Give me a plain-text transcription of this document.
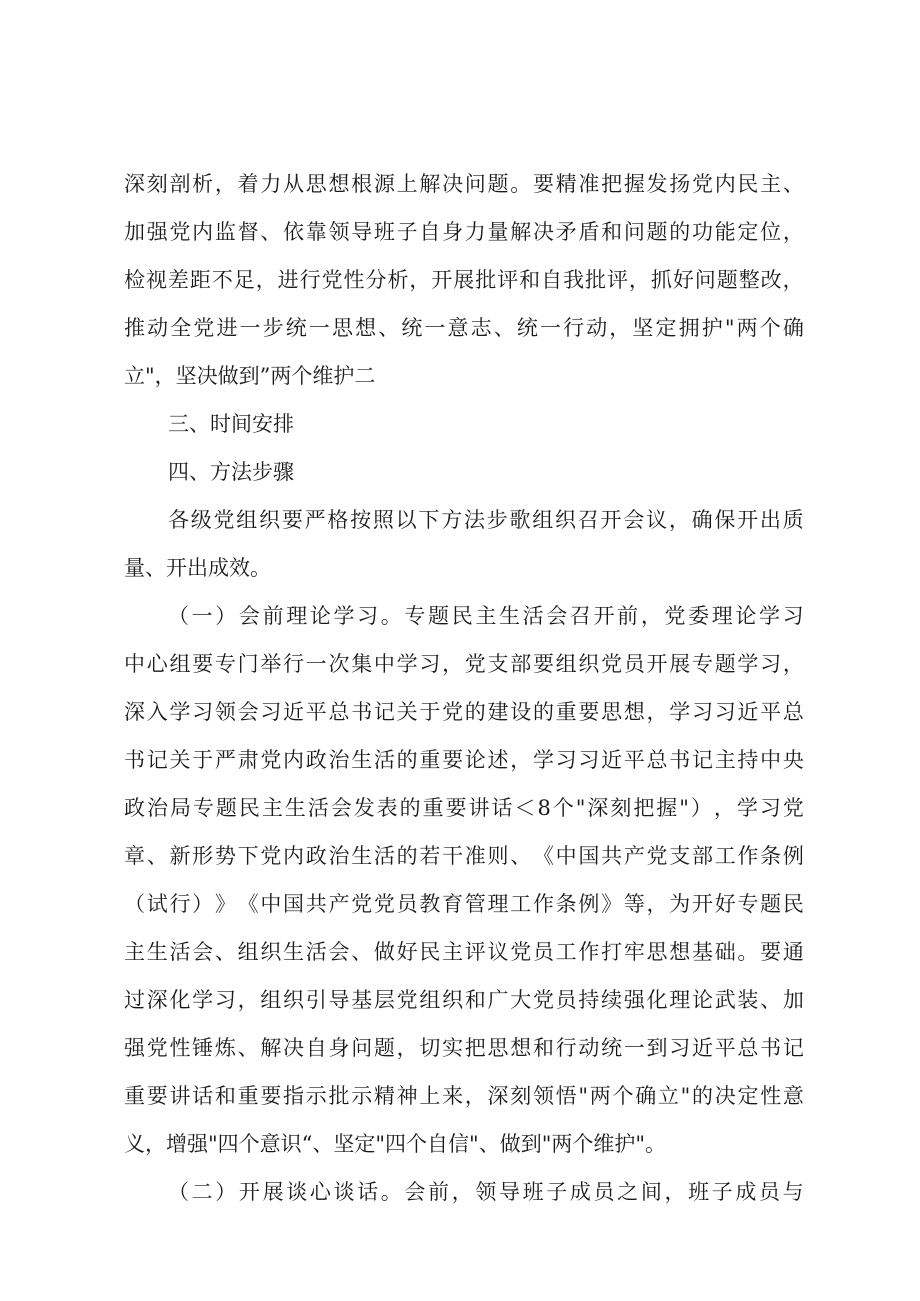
深 刻 剖 析 ， 着 力 从 思 想 根 源 上 解 决 问 题 。 要 精 准 把 握 发 扬 党 内 民 主 、
加 强 党 内 监 督 、 依 靠 领 导 班 子 自 身 力 量 解 决 矛 盾 和 问 题 的 功 能 定 位 ，
检 视 差 距 不 足 ， 进 行 党 性 分 析 ， 开 展 批 评 和 自 我 批 评 ， 抓 好 问 题 整 改 ，
推 动 全 党 进 一 步 统 一 思 想 、 统 一 意 志 、 统 一 行 动 ， 坚 定 拥 护 " 两 个 确
立"，坚决做到”两个维护二
三、时间安排
四、方法步骤
各 级 党 组 织 要 严 格 按 照 以 下 方 法 步 歌 组 织 召 开 会 议 ， 确 保 开 出 质
量、开出成效。
（ 一 ） 会 前 理 论 学 习 。 专 题 民 主 生 活 会 召 开 前 ， 党 委 理 论 学 习
中 心 组 要 专 门 举 行 一 次 集 中 学 习 ， 党 支 部 要 组 织 党 员 开 展 专 题 学 习 ，
深 入 学 习 领 会 习 近 平 总 书 记 关 于 党 的 建 设 的 重 要 思 想 ， 学 习 习 近 平 总
书 记 关 于 严 肃 党 内 政 治 生 活 的 重 要 论 述 ， 学 习 习 近 平 总 书 记 主 持 中 央
政 治 局 专 题 民 主 生 活 会 发 表 的 重 要 讲 话 ＜ 8 个 " 深 刻 把 握 " ） ， 学 习 党
章 、 新 形 势 下 党 内 政 治 生 活 的 若 干 准 则 、 《 中 国 共 产 党 支 部 工 作 条 例
（ 试 行 ） 》 《 中 国 共 产 党 党 员 教 育 管 理 工 作 条 例 》 等 ， 为 开 好 专 题 民
主 生 活 会 、 组 织 生 活 会 、 做 好 民 主 评 议 党 员 工 作 打 牢 思 想 基 础 。 要 通
过 深 化 学 习 ， 组 织 引 导 基 层 党 组 织 和 广 大 党 员 持 续 强 化 理 论 武 装 、 加
强 党 性 锤 炼 、 解 决 自 身 问 题 ， 切 实 把 思 想 和 行 动 统 一 到 习 近 平 总 书 记
重 要 讲 话 和 重 要 指 示 批 示 精 神 上 来 ， 深 刻 领 悟 " 两 个 确 立 " 的 决 定 性 意
义，增强"四个意识“、坚定"四个自信"、做到"两个维护"。
（ 二 ） 开 展 谈 心 谈 话 。 会 前 ， 领 导 班 子 成 员 之 间 ， 班 子 成 员 与
